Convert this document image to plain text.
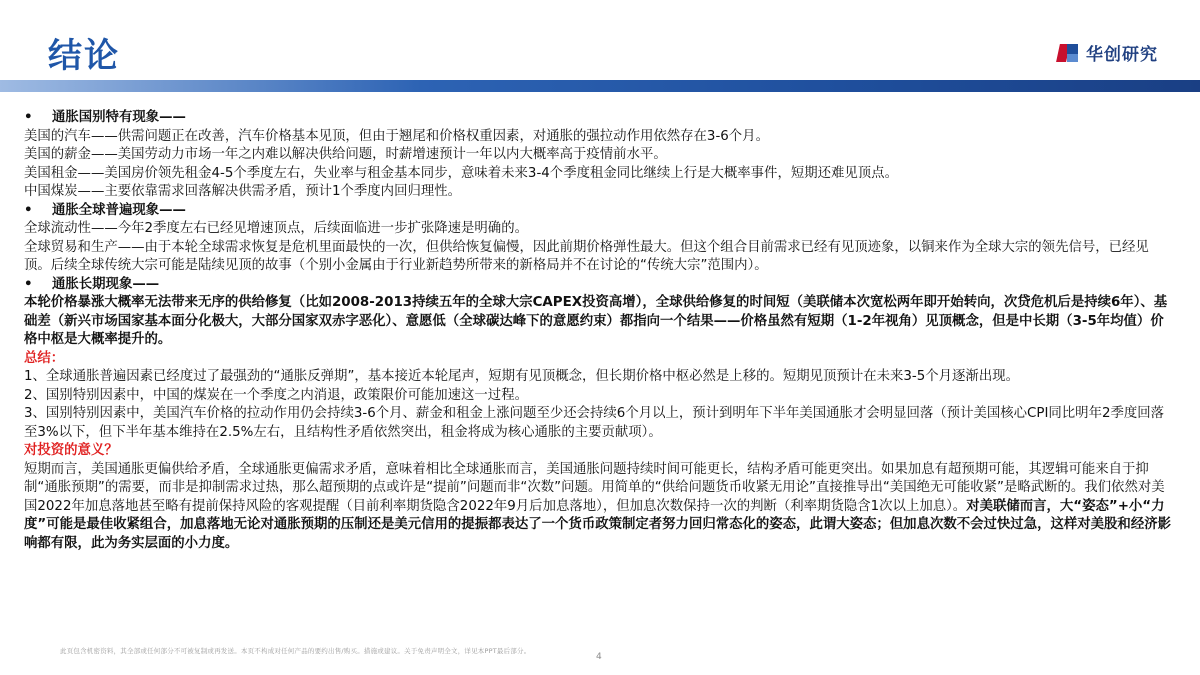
结论	华创研究

•	通胀国别特有现象——

美国的汽车——供需问题正在改善，汽车价格基本见顶，但由于翘尾和价格权重因素，对通胀的强拉动作用依然存在3-6个月。

美国的薪金——美国劳动力市场一年之内难以解决供给问题，时薪增速预计一年以内大概率高于疫情前水平。

美国租金——美国房价领先租金4-5个季度左右，失业率与租金基本同步，意味着未来3-4个季度租金同比继续上行是大概率事件，短期还难见顶点。

中国煤炭——主要依靠需求回落解决供需矛盾，预计1个季度内回归理性。

•	通胀全球普遍现象——

全球流动性——今年2季度左右已经见增速顶点，后续面临进一步扩张降速是明确的。

全球贸易和生产——由于本轮全球需求恢复是危机里面最快的一次，但供给恢复偏慢，因此前期价格弹性最大。但这个组合目前需求已经有见顶迹象，以铜来作为全球大宗的领先信号，已经见顶。后续全球传统大宗可能是陆续见顶的故事（个别小金属由于行业新趋势所带来的新格局并不在讨论的“传统大宗”范围内）。

•	通胀长期现象——

本轮价格暴涨大概率无法带来无序的供给修复（比如2008-2013持续五年的全球大宗CAPEX投资高增），全球供给修复的时间短（美联储本次宽松两年即开始转向，次贷危机后是持续6年）、基础差（新兴市场国家基本面分化极大，大部分国家双赤字恶化）、意愿低（全球碳达峰下的意愿约束）都指向一个结果——价格虽然有短期（1-2年视角）见顶概念，但是中长期（3-5年均值）价格中枢是大概率提升的。

总结：

1、全球通胀普遍因素已经度过了最强劲的“通胀反弹期”，基本接近本轮尾声，短期有见顶概念，但长期价格中枢必然是上移的。短期见顶预计在未来3-5个月逐渐出现。

2、国别特别因素中，中国的煤炭在一个季度之内消退，政策限价可能加速这一过程。

3、国别特别因素中，美国汽车价格的拉动作用仍会持续3-6个月、薪金和租金上涨问题至少还会持续6个月以上，预计到明年下半年美国通胀才会明显回落（预计美国核心CPI同比明年2季度回落至3%以下，但下半年基本维持在2.5%左右，且结构性矛盾依然突出，租金将成为核心通胀的主要贡献项）。

对投资的意义？

短期而言，美国通胀更偏供给矛盾，全球通胀更偏需求矛盾，意味着相比全球通胀而言，美国通胀问题持续时间可能更长，结构矛盾可能更突出。如果加息有超预期可能，其逻辑可能来自于抑制“通胀预期”的需要，而非是抑制需求过热，那么超预期的点或许是“提前”问题而非“次数”问题。用简单的“供给问题货币收紧无用论”直接推导出“美国绝无可能收紧”是略武断的。我们依然对美国2022年加息落地甚至略有提前保持风险的客观提醒（目前利率期货隐含2022年9月后加息落地），但加息次数保持一次的判断（利率期货隐含1次以上加息）。对美联储而言，大“姿态”+小“力度”可能是最佳收紧组合，加息落地无论对通胀预期的压制还是美元信用的提振都表达了一个货币政策制定者努力回归常态化的姿态，此谓大姿态；但加息次数不会过快过急，这样对美股和经济影响都有限，此为务实层面的小力度。

此页包含机密资料，其全部或任何部分不可被复制或再发送。本页不构成对任何产品的要约出售/购买。措施或建议。关于免责声明全文，详见本PPT最后部分。
4
